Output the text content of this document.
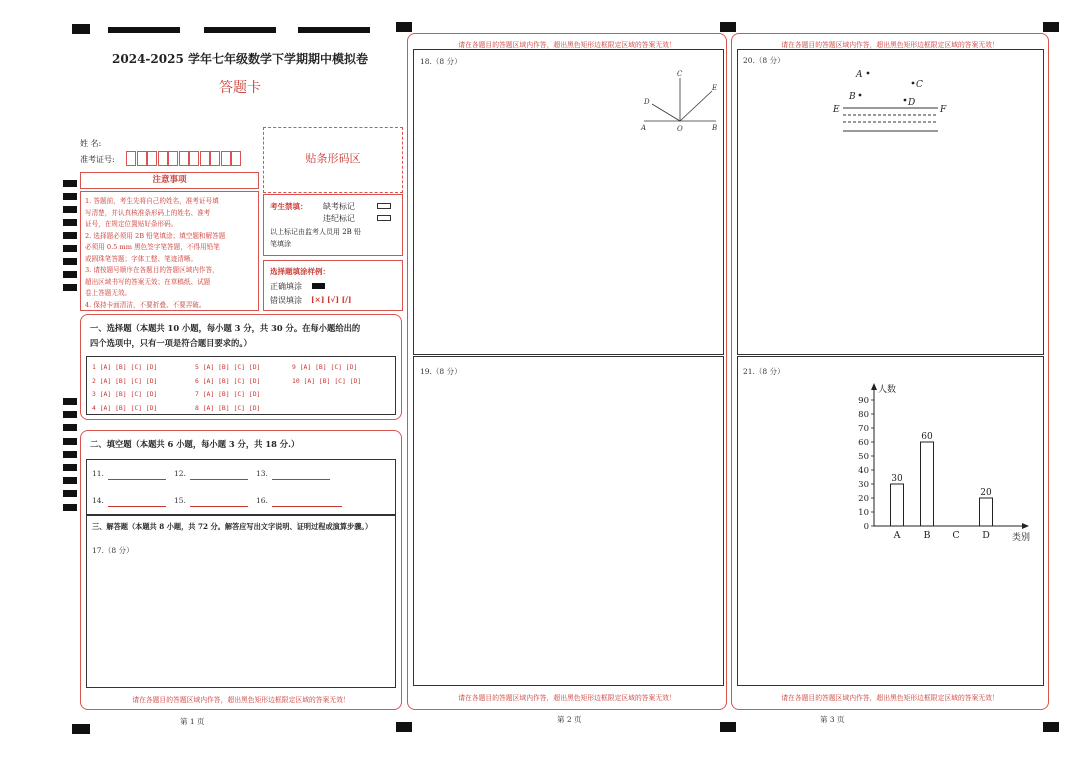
2024-2025 学年七年级数学下学期期中模拟卷
答题卡
姓 名:
准考证号:	贴条形码区
注意事项
1. 答题前，考生先将自己的姓名，准考证号填
写清楚，并认真核准条形码上的姓名、准考
证号，在规定位置贴好条形码。
2. 选择题必须用 2B 铅笔填涂；填空题和解答题
必须用 0.5 mm 黑色签字笔答题，不得用铅笔
或圆珠笔答题；字体工整、笔迹清晰。
3. 请按题号顺序在各题目的答题区域内作答，
超出区域书写的答案无效；在草稿纸、试题
卷上答题无效。
4. 保持卡面清洁，不要折叠、不要弄破。
考生禁填： 缺考标记
违纪标记
以上标记由监考人员用 2B 铅
笔填涂
选择题填涂样例：
正确填涂
错误填涂 [×] [√] [/]
一、选择题（本题共 10 小题，每小题 3 分，共 30 分。在每小题给出的
四个选项中，只有一项是符合题目要求的。）
1 [A] [B] [C] [D]	5 [A] [B] [C] [D]	9 [A] [B] [C] [D]
2 [A] [B] [C] [D]	6 [A] [B] [C] [D]	10 [A] [B] [C] [D]
3 [A] [B] [C] [D]	7 [A] [B] [C] [D]
4 [A] [B] [C] [D]	8 [A] [B] [C] [D]
二、填空题（本题共 6 小题，每小题 3 分，共 18 分.）
11.	12.	13.
14.	15.	16.
三、解答题（本题共 8 小题，共 72 分。解答应写出文字说明、证明过程或演算步骤。）
17.（8 分）
请在各题目的答题区域内作答，超出黑色矩形边框限定区域的答案无效！
第 1 页
请在各题目的答题区域内作答，超出黑色矩形边框限定区域的答案无效！
18.（8 分）
A	O	B
C
D
E
19.（8 分）
请在各题目的答题区域内作答，超出黑色矩形边框限定区域的答案无效！
第 2 页
请在各题目的答题区域内作答，超出黑色矩形边框限定区域的答案无效！
20.（8 分）
A
C
B
D
E	F
21.（8 分）
人数
类别
0
10
20
30
40
50
60
70
80
90
30
A
60
B C
20
D
请在各题目的答题区域内作答，超出黑色矩形边框限定区域的答案无效！
第 3 页
